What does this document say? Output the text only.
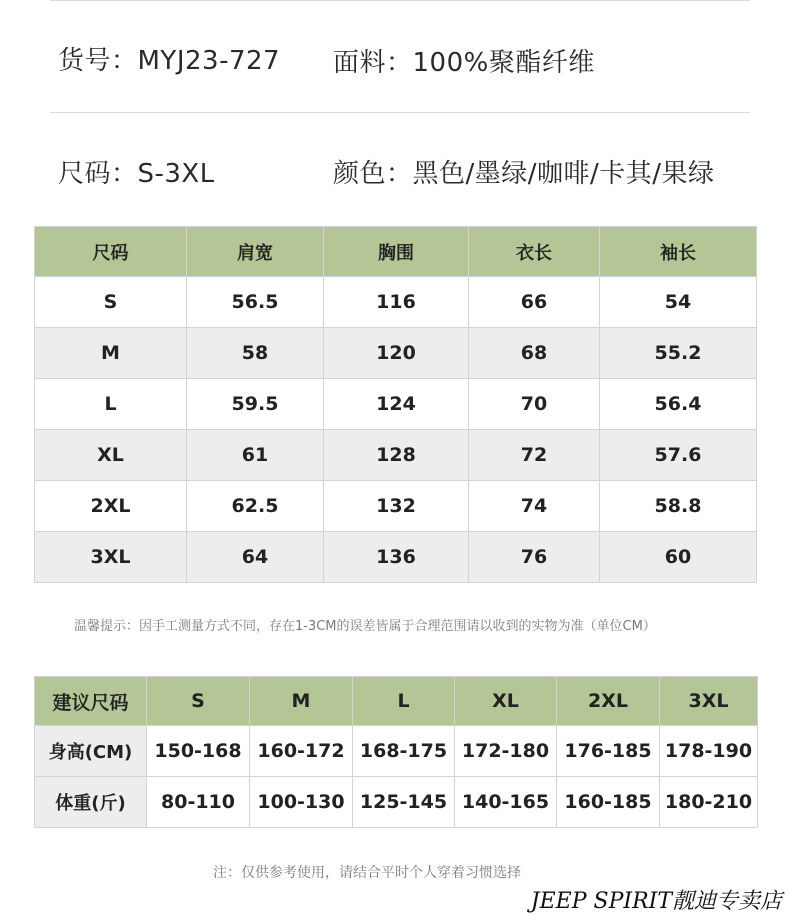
货号：MYJ23-727 面料：100%聚酯纤维
尺码：S-3XL	颜色：黑色/墨绿/咖啡/卡其/果绿
尺码	肩宽	胸围	衣长	袖长
S	56.5	116	66	54
M	58	120	68	55.2
L	59.5	124	70	56.4
XL	61	128	72	57.6
2XL	62.5	132	74	58.8
3XL	64	136	76	60
温馨提示：因手工测量方式不同，存在1-3CM的误差皆属于合理范围请以收到的实物为准（单位CM）
建议尺码	S	M	L	XL	2XL	3XL
身高(CM)	150-168	160-172	168-175	172-180	176-185	178-190
体重(斤)	80-110	100-130	125-145	140-165	160-185	180-210
注：仅供参考使用，请结合平时个人穿着习惯选择
JEEP SPIRIT靓迪专卖店
